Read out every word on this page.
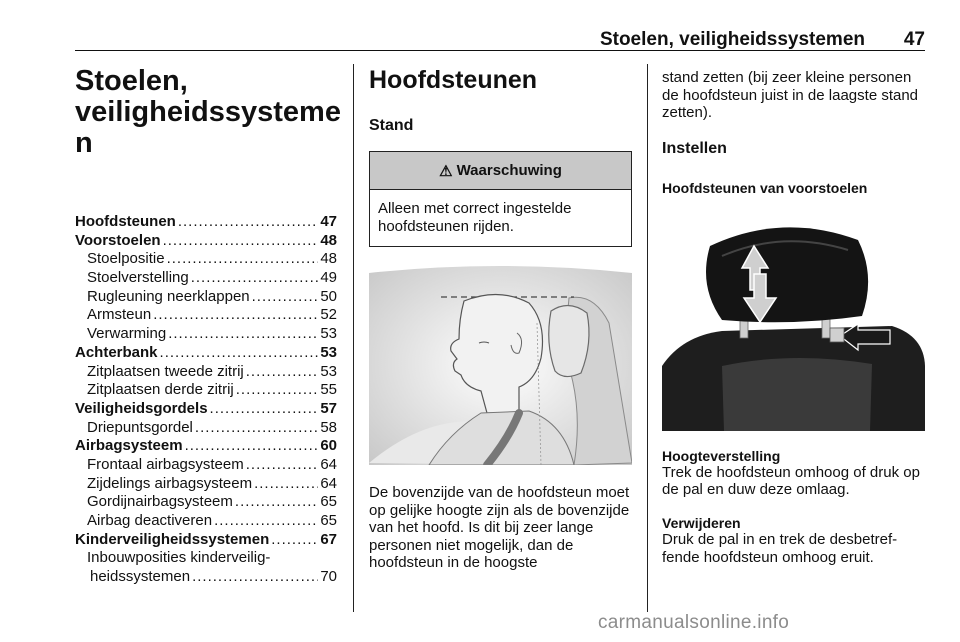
Stoelen, veiligheidssystemen 47
Stoelen,
veiligheidssysteme
n
Hoofdsteunen .....	47
Voorstoelen .....	48
Stoelpositie .....	48
Stoelverstelling .....	49
Rugleuning neerklappen .....	50
Armsteun .....	52
Verwarming .....	53
Achterbank .....	53
Zitplaatsen tweede zitrij .....	53
Zitplaatsen derde zitrij .....	55
Veiligheidsgordels .....	57
Driepuntsgordel .....	58
Airbagsysteem .....	60
Frontaal airbagsysteem .....	64
Zijdelings airbagsysteem .....	64
Gordijnairbagsysteem .....	65
Airbag deactiveren .....	65
Kinderveiligheidssystemen .....	67
Inbouwposities kinderveilig-
heidssystemen .....	70
Hoofdsteunen
Stand
⚠ Waarschuwing
Alleen met correct ingestelde hoofdsteunen rijden.
De bovenzijde van de hoofdsteun moet op gelijke hoogte zijn als de bovenzijde van het hoofd. Is dit bij zeer lange personen niet mogelijk, dan de hoofdsteun in de hoogste
stand zetten (bij zeer kleine personen de hoofdsteun juist in de laagste stand zetten).
Instellen
Hoofdsteunen van voorstoelen
Hoogteverstelling
Trek de hoofdsteun omhoog of druk op de pal en duw deze omlaag.
Verwijderen
Druk de pal in en trek de desbetref-fende hoofdsteun omhoog eruit.
carmanualsonline.info
